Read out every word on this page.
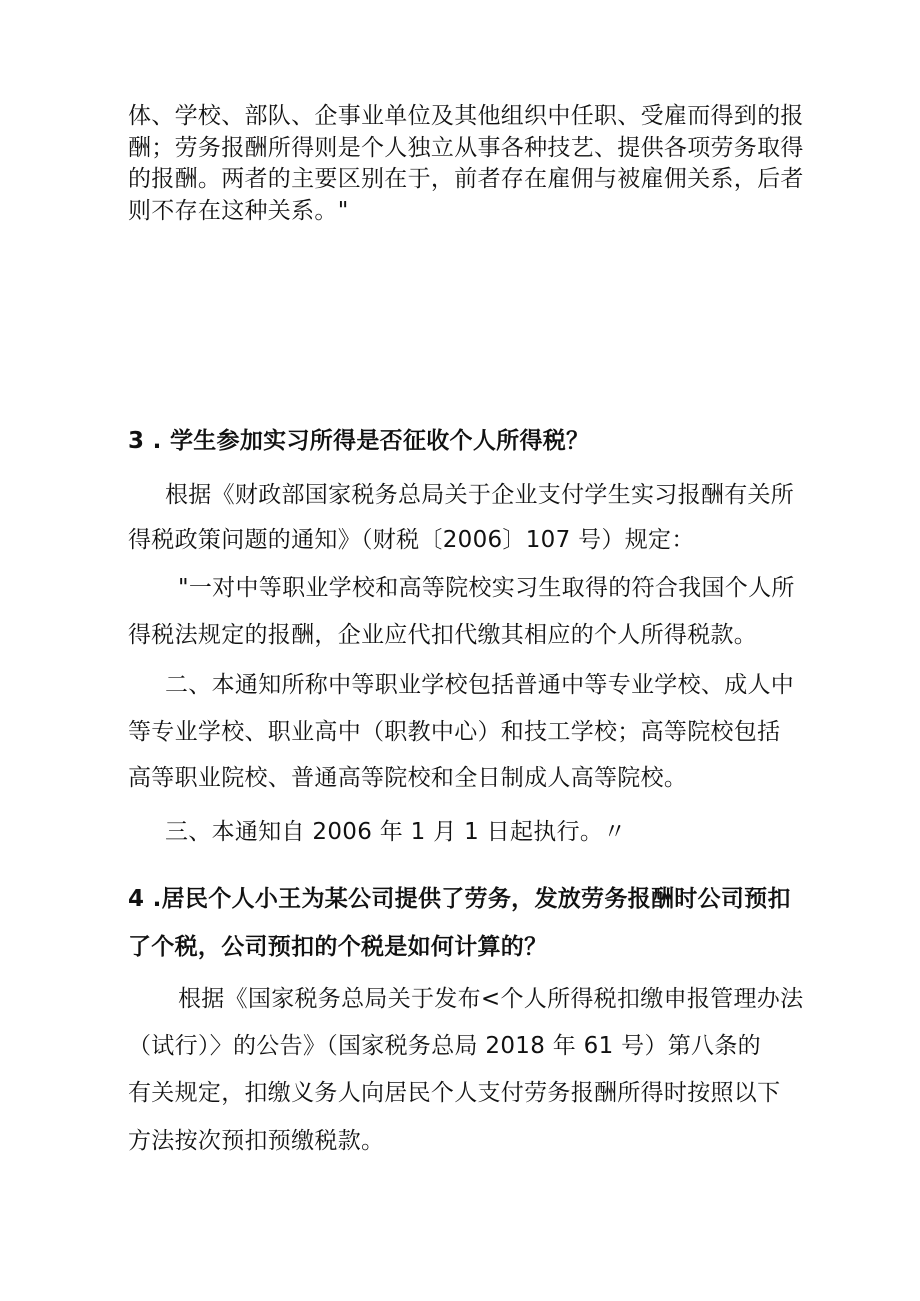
体、学校、部队、企事业单位及其他组织中任职、受雇而得到的报
酬；劳务报酬所得则是个人独立从事各种技艺、提供各项劳务取得
的报酬。两者的主要区别在于，前者存在雇佣与被雇佣关系，后者
则不存在这种关系。"
3 . 学生参加实习所得是否征收个人所得税？
根据《财政部国家税务总局关于企业支付学生实习报酬有关所
得税政策问题的通知》（财税〔2006〕107 号）规定：
"一对中等职业学校和高等院校实习生取得的符合我国个人所
得税法规定的报酬，企业应代扣代缴其相应的个人所得税款。
二、本通知所称中等职业学校包括普通中等专业学校、成人中
等专业学校、职业高中（职教中心）和技工学校；高等院校包括
高等职业院校、普通高等院校和全日制成人高等院校。
三、本通知自 2006 年 1 月 1 日起执行。〃
4 .居民个人小王为某公司提供了劳务，发放劳务报酬时公司预扣
了个税，公司预扣的个税是如何计算的？
根据《国家税务总局关于发布<个人所得税扣缴申报管理办法
（试行）〉的公告》（国家税务总局 2018 年 61 号）第八条的
有关规定，扣缴义务人向居民个人支付劳务报酬所得时按照以下
方法按次预扣预缴税款。
